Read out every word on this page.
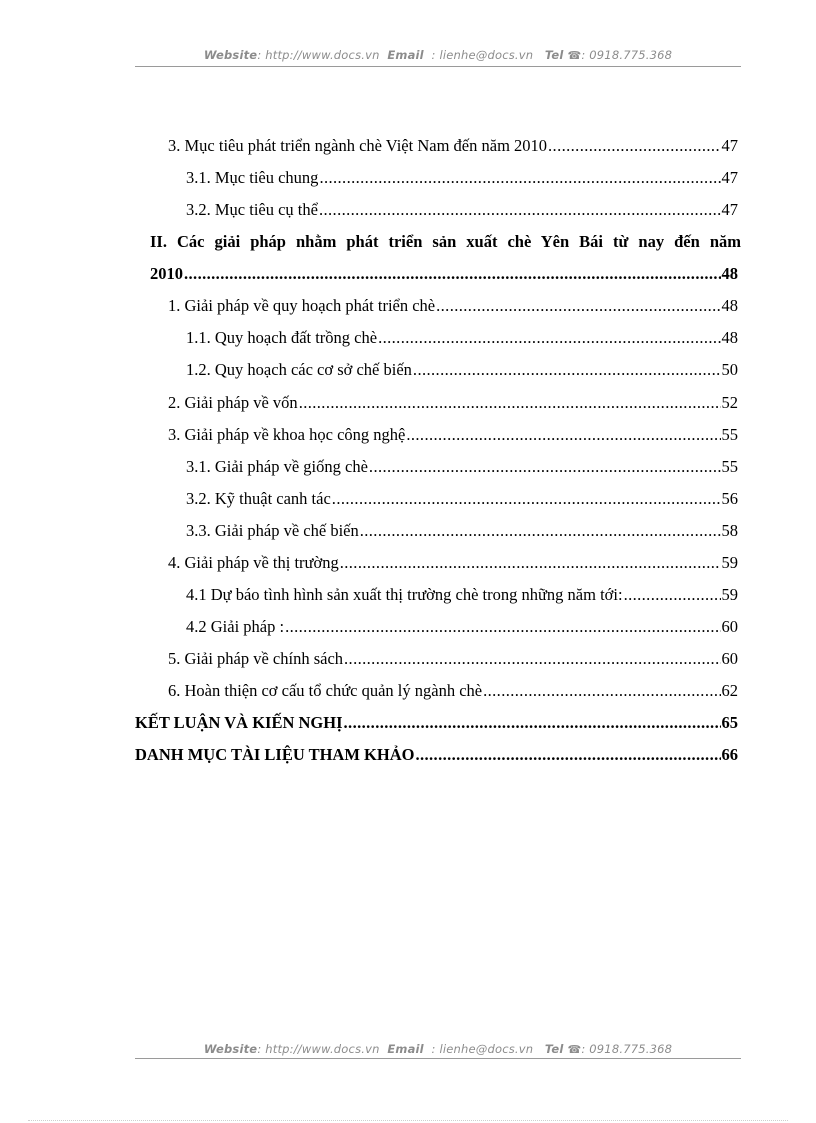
Website: http://www.docs.vn Email : lienhe@docs.vn Tel ☎: 0918.775.368
3. Mục tiêu phát triển ngành chè Việt Nam đến năm 2010 .....	47
3.1. Mục tiêu chung .....	47
3.2. Mục tiêu cụ thể .....	47
II. Các giải pháp nhằm phát triển sản xuất chè Yên Bái từ nay đến năm
2010 .....	48
1. Giải pháp về quy hoạch phát triển chè .....	48
1.1. Quy hoạch đất trồng chè .....	48
1.2. Quy hoạch các cơ sở chế biến .....	50
2. Giải pháp về vốn .....	52
3. Giải pháp về khoa học công nghệ .....	55
3.1. Giải pháp về giống chè .....	55
3.2. Kỹ thuật canh tác .....	56
3.3. Giải pháp về chế biến .....	58
4. Giải pháp về thị trường .....	59
4.1 Dự báo tình hình sản xuất thị trường chè trong những năm tới: .....	59
4.2 Giải pháp : .....	60
5. Giải pháp về chính sách .....	60
6. Hoàn thiện cơ cấu tổ chức quản lý ngành chè .....	62
KẾT LUẬN VÀ KIẾN NGHỊ .....	65
DANH MỤC TÀI LIỆU THAM KHẢO .....	66
Website: http://www.docs.vn Email : lienhe@docs.vn Tel ☎: 0918.775.368
